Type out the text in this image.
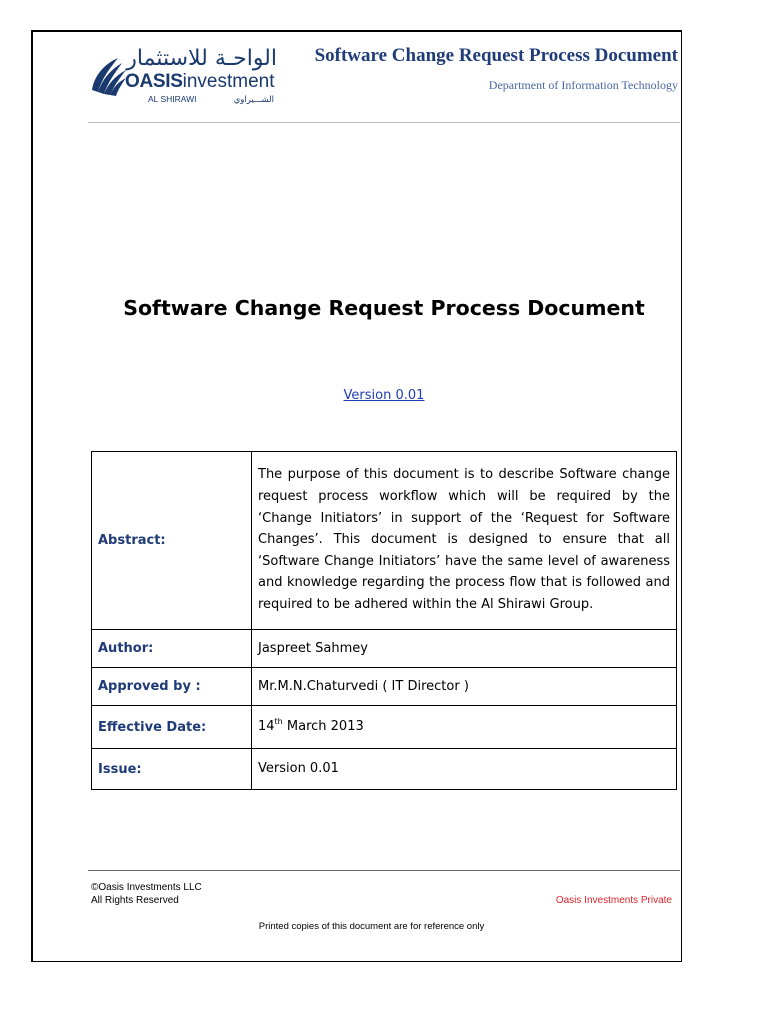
الواحـة للاستثمار
OASISinvestment
AL SHIRAWI	الشـــيراوي
Software Change Request Process Document
Department of Information Technology
Software Change Request Process Document
Version 0.01
Abstract:	The purpose of this document is to describe Software change request process workflow which will be required by the ‘Change Initiators’ in support of the ‘Request for Software Changes’. This document is designed to ensure that all ‘Software Change Initiators’ have the same level of awareness and knowledge regarding the process flow that is followed and required to be adhered within the Al Shirawi Group.
Author:	Jaspreet Sahmey
Approved by :	Mr.M.N.Chaturvedi ( IT Director )
Effective Date:	14th March 2013
Issue:	Version 0.01
©Oasis Investments LLC
All Rights Reserved	Oasis Investments Private
Printed copies of this document are for reference only
